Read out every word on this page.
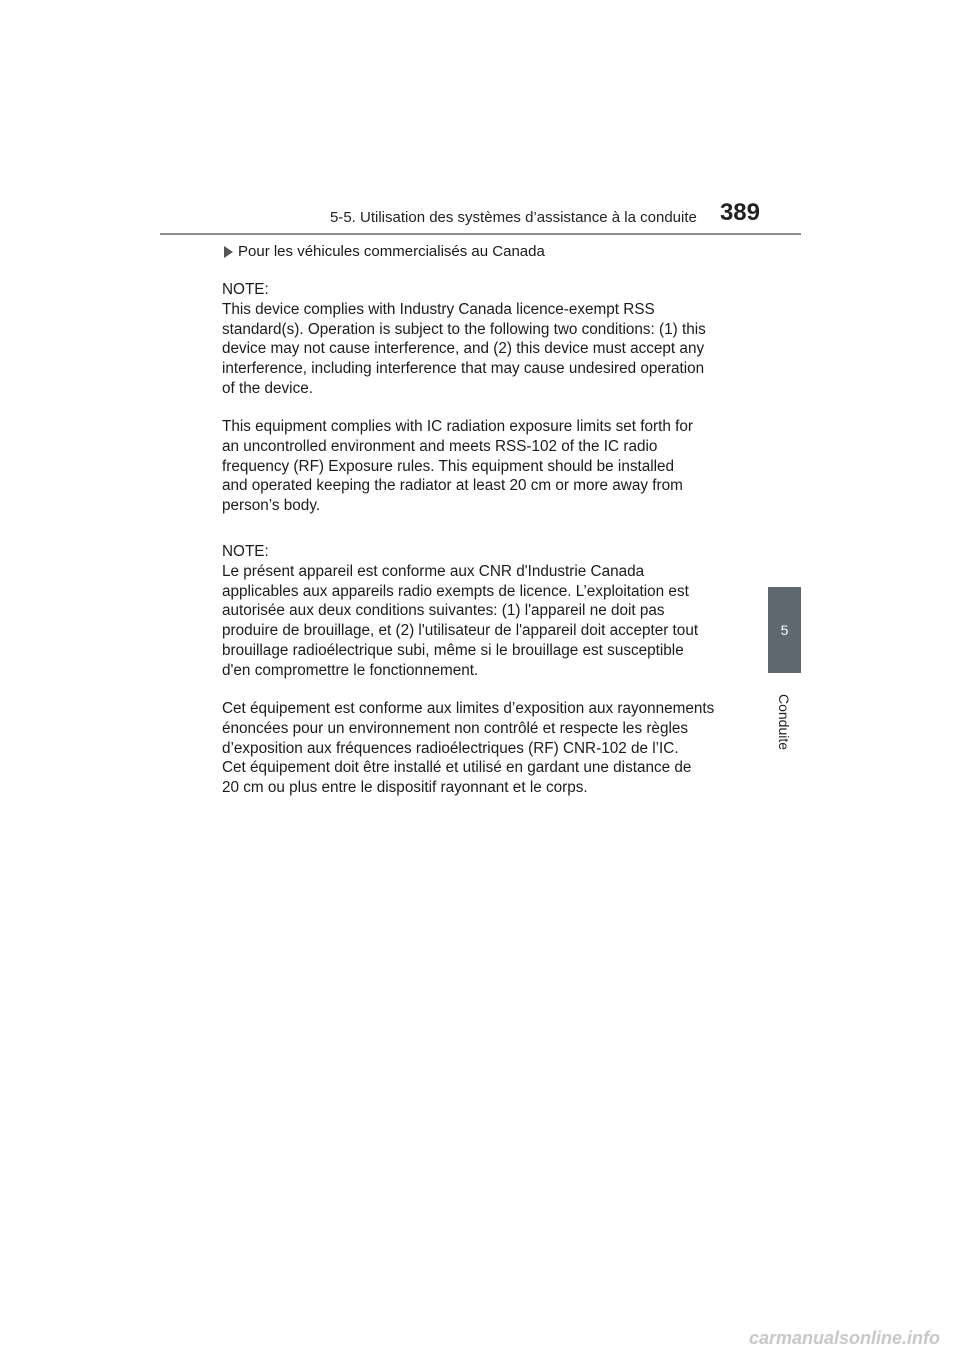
5-5. Utilisation des systèmes d’assistance à la conduite 389
5
Conduite
Pour les véhicules commercialisés au Canada
NOTE:
This device complies with Industry Canada licence-exempt RSS
standard(s). Operation is subject to the following two conditions: (1) this
device may not cause interference, and (2) this device must accept any
interference, including interference that may cause undesired operation
of the device.
This equipment complies with IC radiation exposure limits set forth for
an uncontrolled environment and meets RSS-102 of the IC radio
frequency (RF) Exposure rules. This equipment should be installed
and operated keeping the radiator at least 20 cm or more away from
person’s body.
NOTE:
Le présent appareil est conforme aux CNR d'Industrie Canada
applicables aux appareils radio exempts de licence. L’exploitation est
autorisée aux deux conditions suivantes: (1) l'appareil ne doit pas
produire de brouillage, et (2) l'utilisateur de l'appareil doit accepter tout
brouillage radioélectrique subi, même si le brouillage est susceptible
d'en compromettre le fonctionnement.
Cet équipement est conforme aux limites d’exposition aux rayonnements
énoncées pour un environnement non contrôlé et respecte les règles
d’exposition aux fréquences radioélectriques (RF) CNR-102 de l’IC.
Cet équipement doit être installé et utilisé en gardant une distance de
20 cm ou plus entre le dispositif rayonnant et le corps.
carmanualsonline.info
